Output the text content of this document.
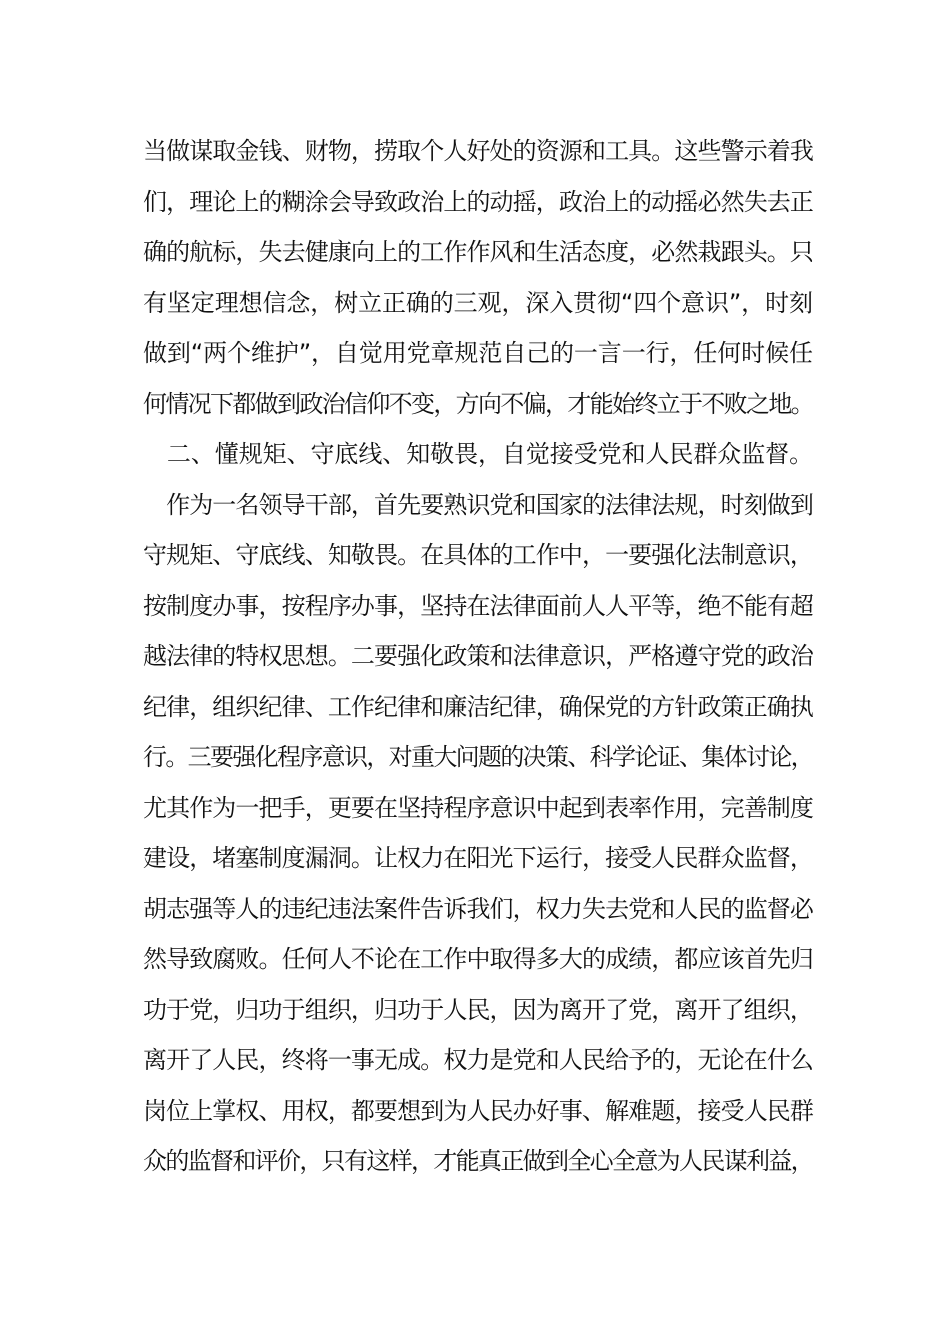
当做谋取金钱、财物，捞取个人好处的资源和工具。这些警示着我
们，理论上的糊涂会导致政治上的动摇，政治上的动摇必然失去正
确的航标，失去健康向上的工作作风和生活态度，必然栽跟头。只
有坚定理想信念，树立正确的三观，深入贯彻“四个意识”，时刻
做到“两个维护”，自觉用党章规范自己的一言一行，任何时候任
何情况下都做到政治信仰不变，方向不偏，才能始终立于不败之地。
　二、懂规矩、守底线、知敬畏，自觉接受党和人民群众监督。
　作为一名领导干部，首先要熟识党和国家的法律法规，时刻做到
守规矩、守底线、知敬畏。在具体的工作中，一要强化法制意识，
按制度办事，按程序办事，坚持在法律面前人人平等，绝不能有超
越法律的特权思想。二要强化政策和法律意识，严格遵守党的政治
纪律，组织纪律、工作纪律和廉洁纪律，确保党的方针政策正确执
行。三要强化程序意识，对重大问题的决策、科学论证、集体讨论，
尤其作为一把手，更要在坚持程序意识中起到表率作用，完善制度
建设，堵塞制度漏洞。让权力在阳光下运行，接受人民群众监督，
胡志强等人的违纪违法案件告诉我们，权力失去党和人民的监督必
然导致腐败。任何人不论在工作中取得多大的成绩，都应该首先归
功于党，归功于组织，归功于人民，因为离开了党，离开了组织，
离开了人民，终将一事无成。权力是党和人民给予的，无论在什么
岗位上掌权、用权，都要想到为人民办好事、解难题，接受人民群
众的监督和评价，只有这样，才能真正做到全心全意为人民谋利益，
